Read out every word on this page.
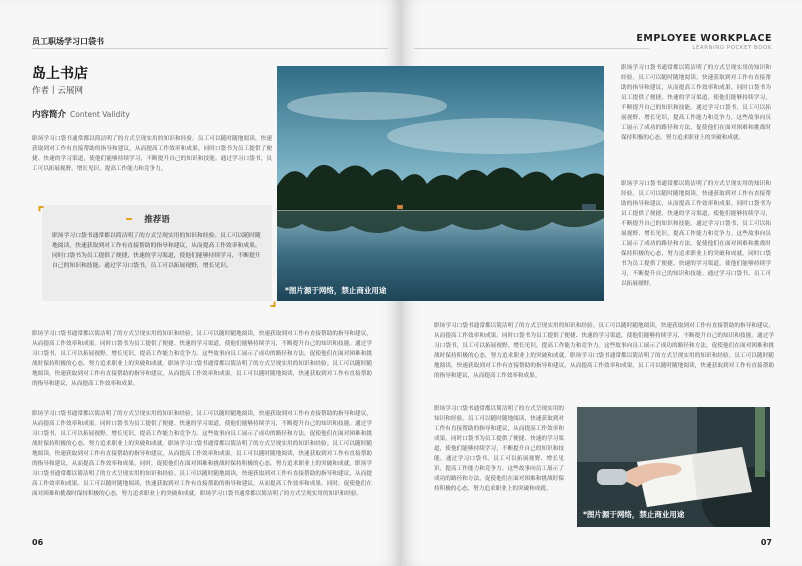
员工职场学习口袋书
岛上书店
作者丨云展网
内容简介 Content Validity

职场学习口袋书通常都以简洁明了的方式呈现实用的知识和经验。员工可以随时随地阅读，快速获取到对工作有直接帮助的指导和建议，从而提高工作效率和成果。同时口袋书为员工提供了便捷、快速的学习渠道，使他们能够持续学习，不断提升自己的知识和技能。通过学习口袋书，员工可以拓展视野，增长见识，提高工作能力和竞争力。

⌜
⌟
推荐语

职场学习口袋书通常都以简洁明了的方式呈现实用的知识和经验。员工可以随时随地阅读，快速获取到对工作有直接帮助的指导和建议，从而提高工作效率和成果。同时口袋书为员工提供了便捷、快速的学习渠道，使他们能够持续学习，不断提升自己的知识和技能。通过学习口袋书，员工可以拓展视野，增长见识。

职场学习口袋书通常都以简洁明了的方式呈现实用的知识和经验。员工可以随时随地阅读，快速获取到对工作有直接帮助的指导和建议，从而提高工作效率和成果。同时口袋书为员工提供了便捷、快速的学习渠道，使他们能够持续学习，不断提升自己的知识和技能。通过学习口袋书，员工可以拓展视野、增长见识，提高工作能力和竞争力。这些故事向员工展示了成功的路径和方法，促使他们在面对困难和挑战时保持积极的心态，努力追求职业上的突破和成就。职场学习口袋书通常都以简洁明了的方式呈现实用的知识和经验。员工可以随时随地阅读，快速获取到对工作有直接帮助的指导和建议，从而提高工作效率和成果。员工可以随时随地阅读，快速获取到对工作有直接帮助的指导和建议，从而提高工作效率和成果。

职场学习口袋书通常都以简洁明了的方式呈现实用的知识和经验。员工可以随时随地阅读，快速获取到对工作有直接帮助的指导和建议，从而提高工作效率和成果。同时口袋书为员工提供了便捷、快速的学习渠道，使他们能够持续学习，不断提升自己的知识和技能。通过学习口袋书，员工可以拓展视野、增长见识，提高工作能力和竞争力。这些故事向员工展示了成功的路径和方法，促使他们在面对困难和挑战时保持积极的心态，努力追求职业上的突破和成就。职场学习口袋书通常都以简洁明了的方式呈现实用的知识和经验。员工可以随时随地阅读，快速获取到对工作有直接帮助的指导和建议，从而提高工作效率和成果。员工可以随时随地阅读，快速获取到对工作有直接帮助的指导和建议，从而提高工作效率和成果。同时，促使他们在面对困难和挑战时保持积极的心态，努力追求职业上的突破和成就。职场学习口袋书通常都以简洁明了的方式呈现实用的知识和经验。员工可以随时随地阅读，快速获取到对工作有直接帮助的指导和建议，从而提高工作效率和成果。员工可以随时随地阅读，快速获取到对工作有直接帮助的指导和建议，从而提高工作效率和成果。同时，促使他们在面对困难和挑战时保持积极的心态，努力追求职业上的突破和成就。职场学习口袋书通常都以简洁明了的方式呈现实用的知识和经验。

06
EMPLOYEE WORKPLACE
LEARNING POCKET BOOK

职场学习口袋书通常都以简洁明了的方式呈现实用的知识和经验。员工可以随时随地阅读，快速获取到对工作有直接帮助的指导和建议，从而提高工作效率和成果。同时口袋书为员工提供了便捷、快速的学习渠道，使他们能够持续学习，不断提升自己的知识和技能。通过学习口袋书，员工可以拓展视野、增长见识，提高工作能力和竞争力。这些故事向员工展示了成功的路径和方法，促使他们在面对困难和挑战时保持积极的心态，努力追求职业上的突破和成就。

职场学习口袋书通常都以简洁明了的方式呈现实用的知识和经验。员工可以随时随地阅读，快速获取到对工作有直接帮助的指导和建议，从而提高工作效率和成果。同时口袋书为员工提供了便捷、快速的学习渠道，使他们能够持续学习，不断提升自己的知识和技能。通过学习口袋书，员工可以拓展视野、增长见识，提高工作能力和竞争力。这些故事向员工展示了成功的路径和方法，促使他们在面对困难和挑战时保持积极的心态，努力追求职业上的突破和成就。同时口袋书为员工提供了便捷、快速的学习渠道，使他们能够持续学习，不断提升自己的知识和技能。通过学习口袋书，员工可以拓展视野。

职场学习口袋书通常都以简洁明了的方式呈现实用的知识和经验。员工可以随时随地阅读，快速获取到对工作有直接帮助的指导和建议，从而提高工作效率和成果。同时口袋书为员工提供了便捷、快速的学习渠道，使他们能够持续学习，不断提升自己的知识和技能。通过学习口袋书，员工可以拓展视野、增长见识，提高工作能力和竞争力。这些故事向员工展示了成功的路径和方法，促使他们在面对困难和挑战时保持积极的心态，努力追求职业上的突破和成就。职场学习口袋书通常都以简洁明了的方式呈现实用的知识和经验。员工可以随时随地阅读，快速获取到对工作有直接帮助的指导和建议，从而提高工作效率和成果。员工可以随时随地阅读，快速获取到对工作有直接帮助的指导和建议，从而提高工作效率和成果。

职场学习口袋书通常都以简洁明了的方式呈现实用的知识和经验。员工可以随时随地阅读，快速获取到对工作有直接帮助的指导和建议，从而提高工作效率和成果。同时口袋书为员工提供了便捷、快速的学习渠道，使他们能够持续学习，不断提升自己的知识和技能。通过学习口袋书，员工可以拓展视野、增长见识，提高工作能力和竞争力。这些故事向员工展示了成功的路径和方法，促使他们在面对困难和挑战时保持积极的心态，努力追求职业上的突破和成就。

07
*图片源于网络，禁止商业用途
*图片源于网络，禁止商业用途
